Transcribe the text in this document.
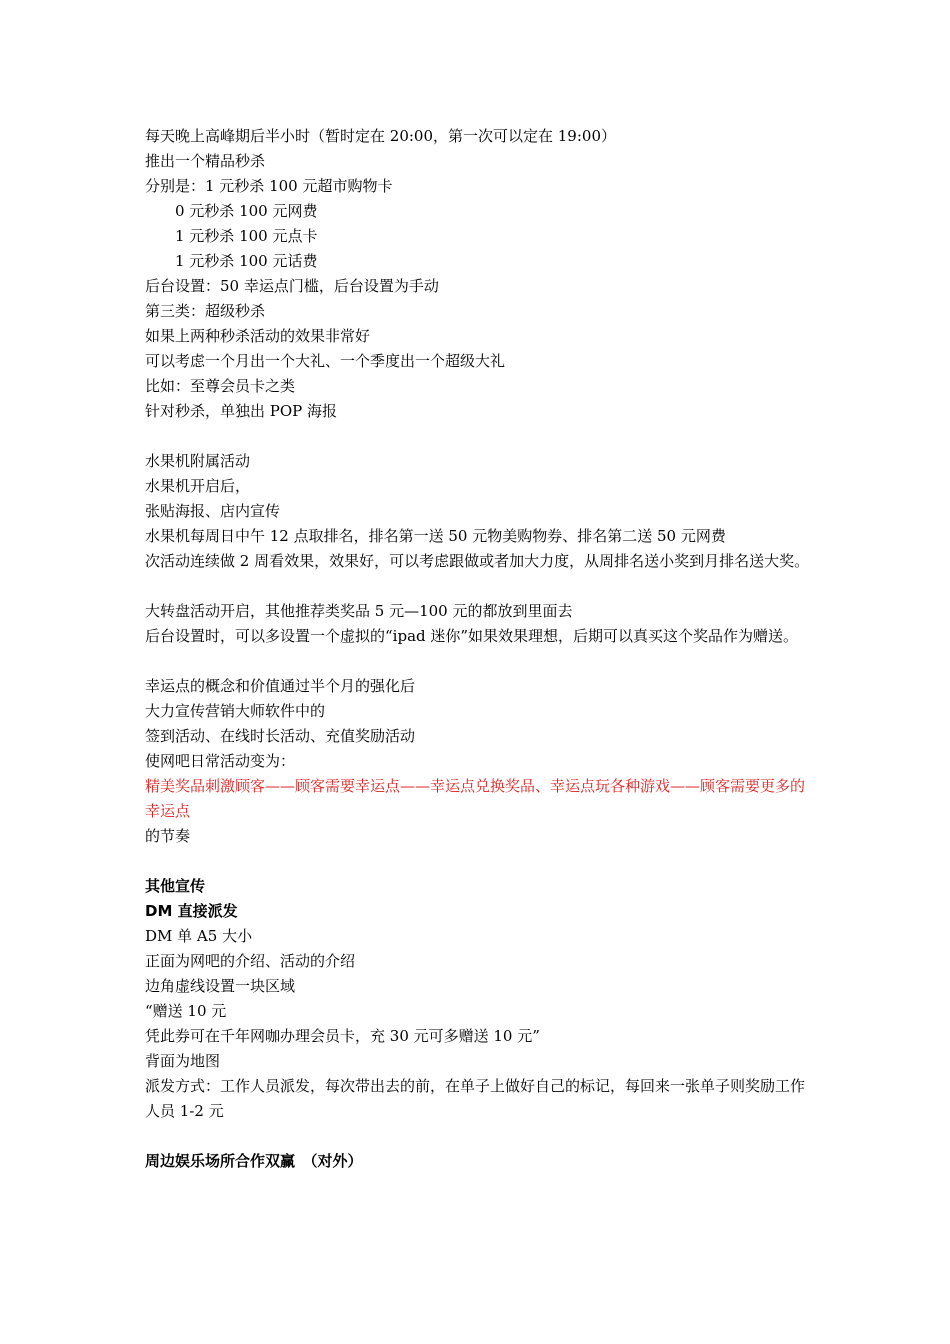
每天晚上高峰期后半小时（暂时定在 20:00，第一次可以定在 19:00）
推出一个精品秒杀
分别是：1 元秒杀 100 元超市购物卡
0 元秒杀 100 元网费
1 元秒杀 100 元点卡
1 元秒杀 100 元话费
后台设置：50 幸运点门槛，后台设置为手动
第三类：超级秒杀
如果上两种秒杀活动的效果非常好
可以考虑一个月出一个大礼、一个季度出一个超级大礼
比如：至尊会员卡之类
针对秒杀，单独出 POP 海报
水果机附属活动
水果机开启后，
张贴海报、店内宣传
水果机每周日中午 12 点取排名，排名第一送 50 元物美购物券、排名第二送 50 元网费
次活动连续做 2 周看效果，效果好，可以考虑跟做或者加大力度，从周排名送小奖到月排名送大奖。
大转盘活动开启，其他推荐类奖品 5 元—100 元的都放到里面去
后台设置时，可以多设置一个虚拟的“ipad 迷你”如果效果理想，后期可以真买这个奖品作为赠送。
幸运点的概念和价值通过半个月的强化后
大力宣传营销大师软件中的
签到活动、在线时长活动、充值奖励活动
使网吧日常活动变为：
精美奖品刺激顾客——顾客需要幸运点——幸运点兑换奖品、幸运点玩各种游戏——顾客需要更多的幸运点
的节奏
其他宣传
DM 直接派发
DM 单 A5 大小
正面为网吧的介绍、活动的介绍
边角虚线设置一块区域
“赠送 10 元
凭此券可在千年网咖办理会员卡，充 30 元可多赠送 10 元”
背面为地图
派发方式：工作人员派发，每次带出去的前，在单子上做好自己的标记，每回来一张单子则奖励工作人员 1-2 元
周边娱乐场所合作双赢　（对外）
